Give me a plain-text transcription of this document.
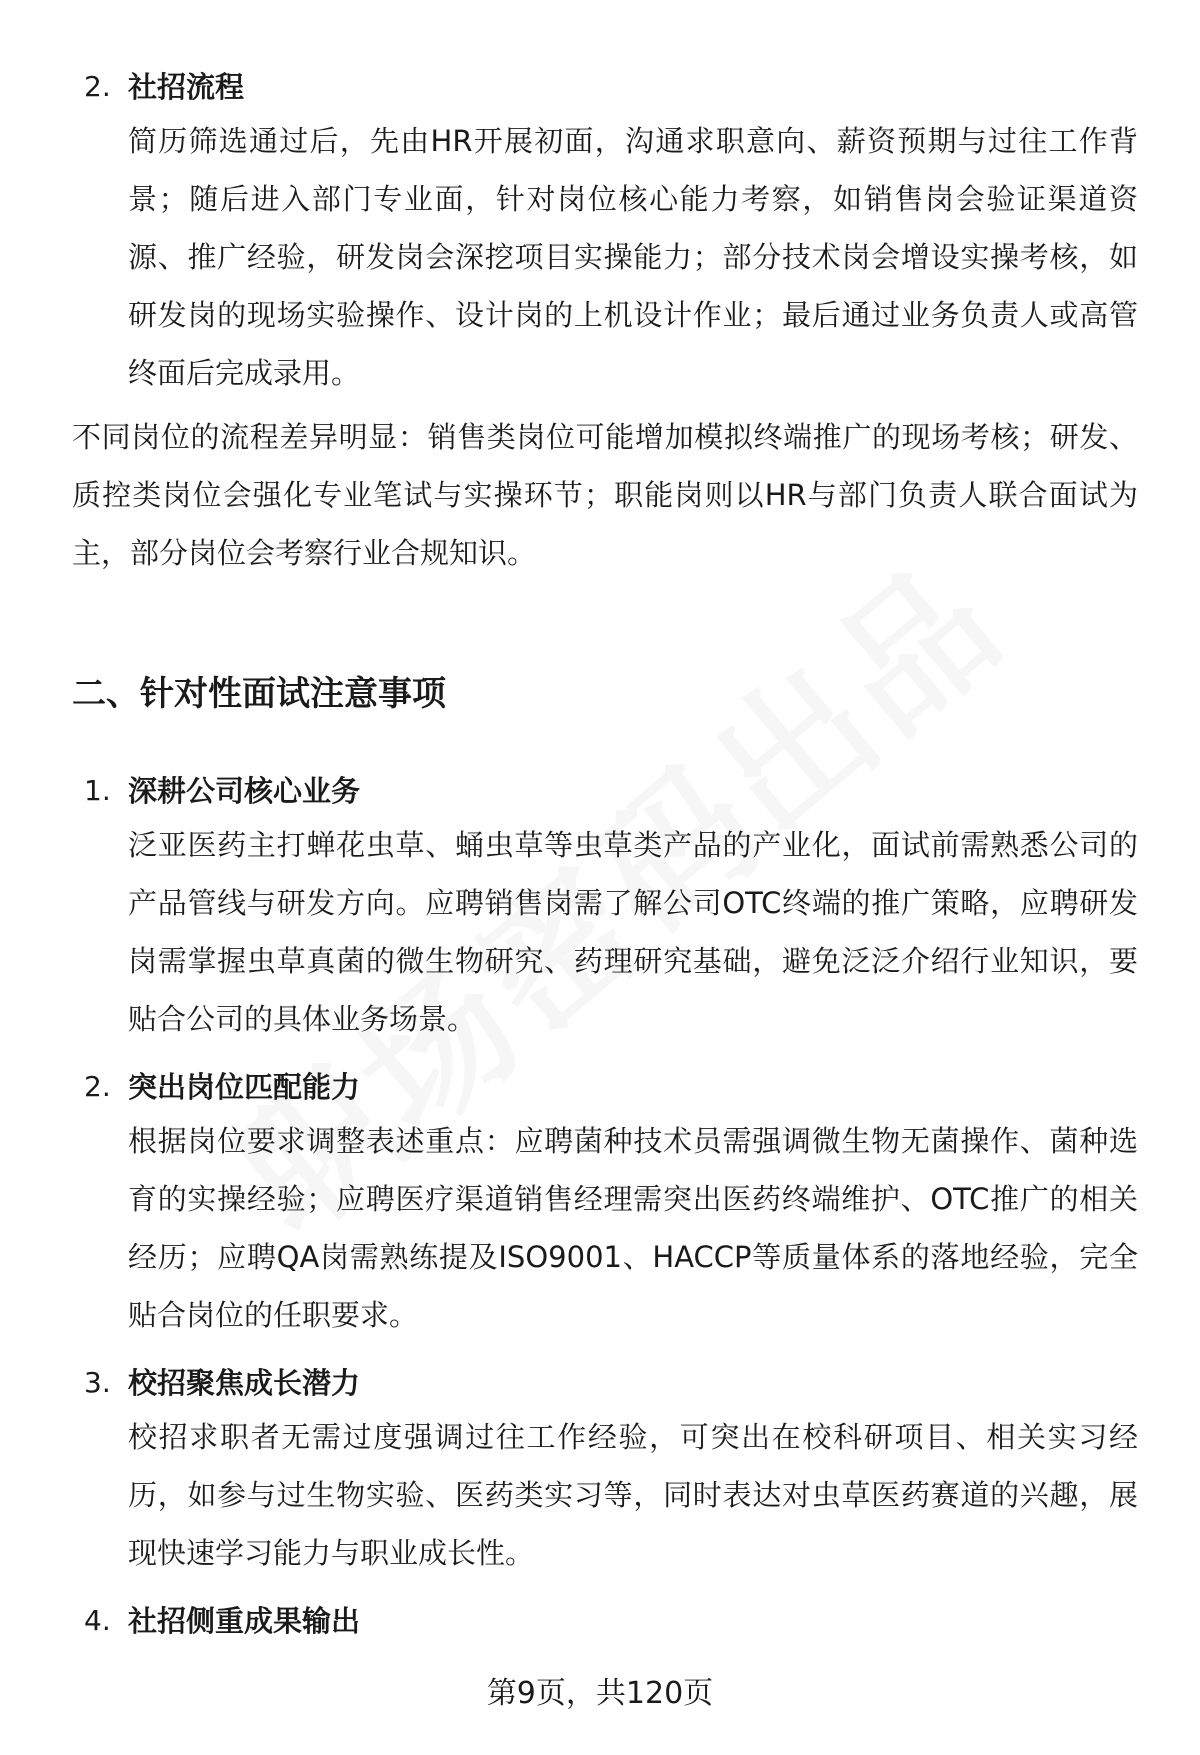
2. 社招流程
简历筛选通过后，先由HR开展初面，沟通求职意向、薪资预期与过往工作背景；随后进入部门专业面，针对岗位核心能力考察，如销售岗会验证渠道资源、推广经验，研发岗会深挖项目实操能力；部分技术岗会增设实操考核，如研发岗的现场实验操作、设计岗的上机设计作业；最后通过业务负责人或高管终面后完成录用。
不同岗位的流程差异明显：销售类岗位可能增加模拟终端推广的现场考核；研发、质控类岗位会强化专业笔试与实操环节；职能岗则以HR与部门负责人联合面试为主，部分岗位会考察行业合规知识。
二、针对性面试注意事项
1. 深耕公司核心业务
泛亚医药主打蝉花虫草、蛹虫草等虫草类产品的产业化，面试前需熟悉公司的产品管线与研发方向。应聘销售岗需了解公司OTC终端的推广策略，应聘研发岗需掌握虫草真菌的微生物研究、药理研究基础，避免泛泛介绍行业知识，要贴合公司的具体业务场景。
2. 突出岗位匹配能力
根据岗位要求调整表述重点：应聘菌种技术员需强调微生物无菌操作、菌种选育的实操经验；应聘医疗渠道销售经理需突出医药终端维护、OTC推广的相关经历；应聘QA岗需熟练提及ISO9001、HACCP等质量体系的落地经验，完全贴合岗位的任职要求。
3. 校招聚焦成长潜力
校招求职者无需过度强调过往工作经验，可突出在校科研项目、相关实习经历，如参与过生物实验、医药类实习等，同时表达对虫草医药赛道的兴趣，展现快速学习能力与职业成长性。
4. 社招侧重成果输出
第9页，共120页
